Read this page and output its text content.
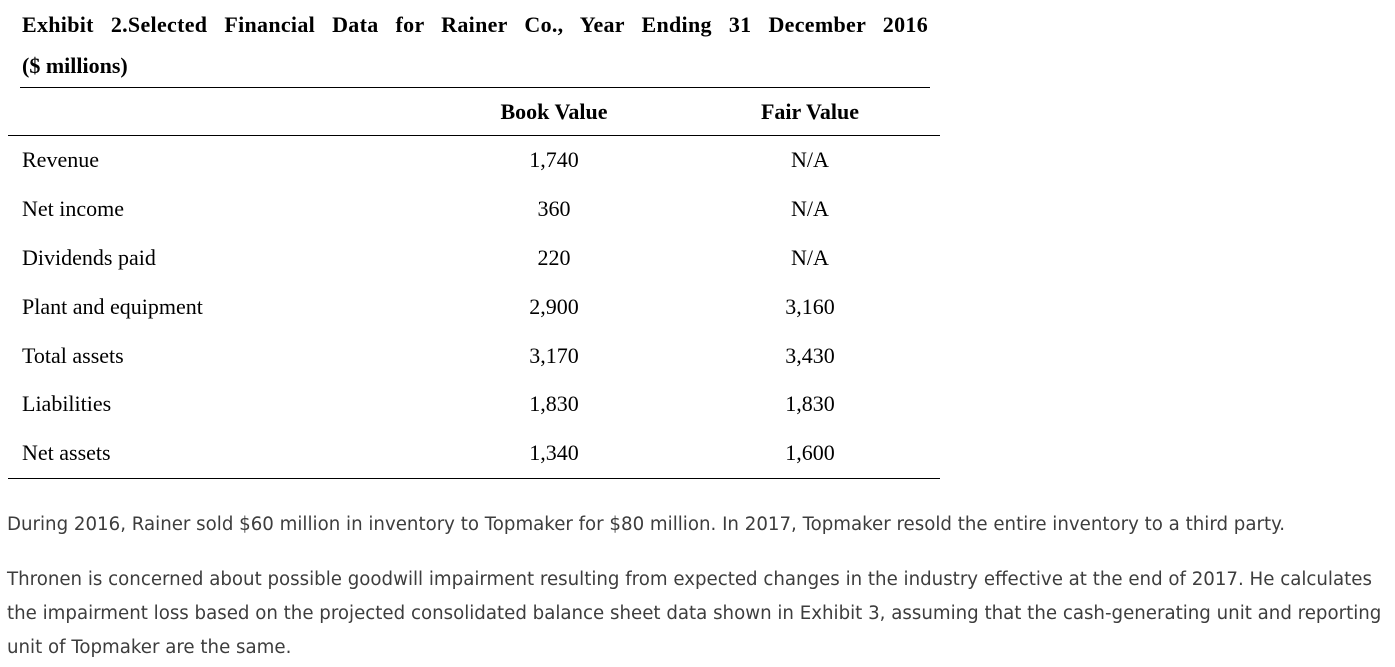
Exhibit 2.Selected Financial Data for Rainer Co., Year Ending 31 December 2016

($ millions)

	Book Value	Fair Value
Revenue	1,740	N/A
Net income	360	N/A
Dividends paid	220	N/A
Plant and equipment	2,900	3,160
Total assets	3,170	3,430
Liabilities	1,830	1,830
Net assets	1,340	1,600

During 2016, Rainer sold $60 million in inventory to Topmaker for $80 million. In 2017, Topmaker resold the entire inventory to a third party.

Thronen is concerned about possible goodwill impairment resulting from expected changes in the industry effective at the end of 2017. He calculates the impairment loss based on the projected consolidated balance sheet data shown in Exhibit 3, assuming that the cash-generating unit and reporting unit of Topmaker are the same.
